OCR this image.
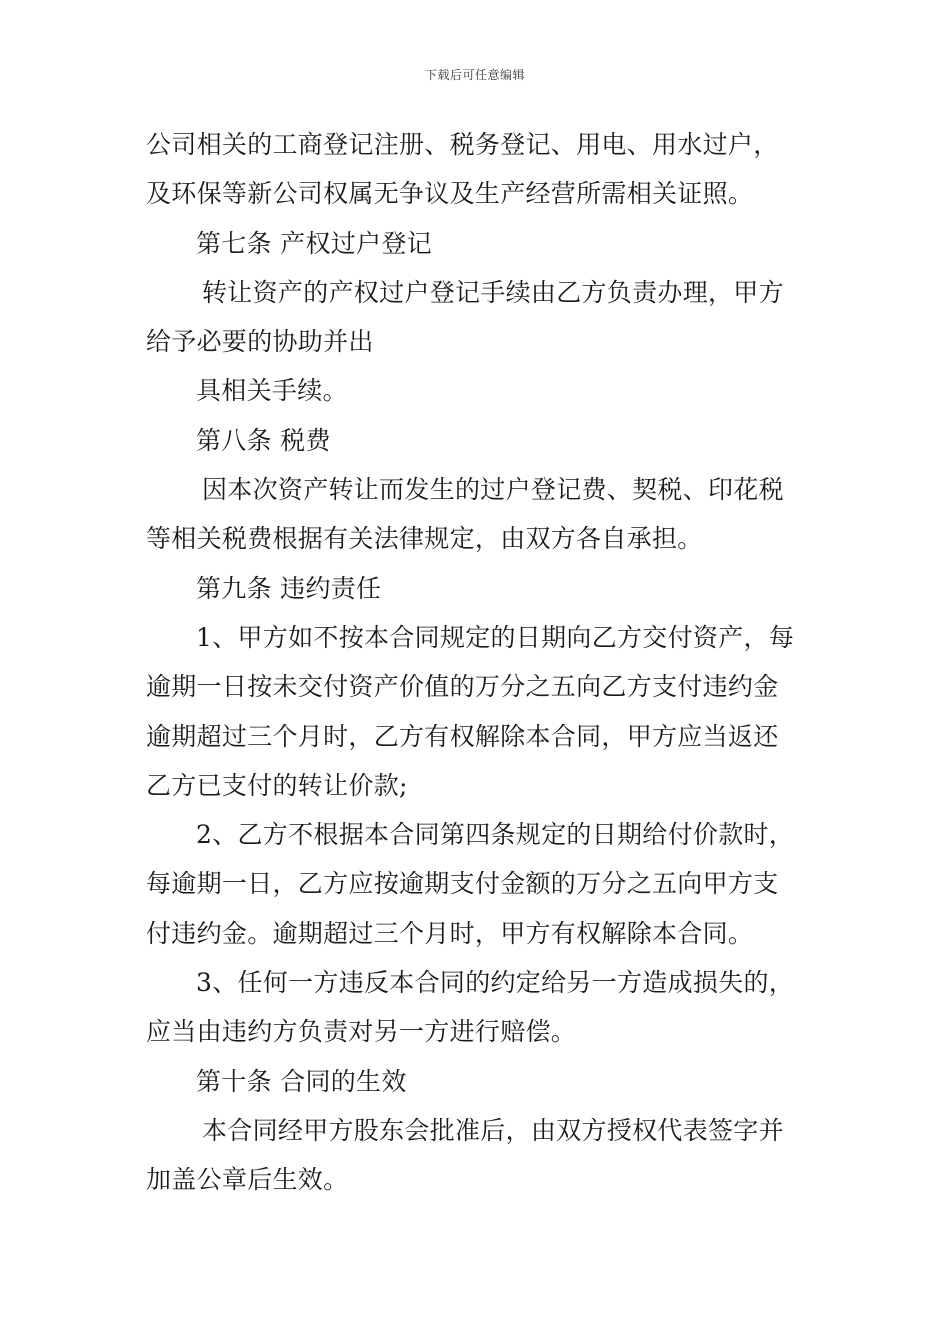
下载后可任意编辑
公司相关的工商登记注册、税务登记、用电、用水过户，
及环保等新公司权属无争议及生产经营所需相关证照。
第七条 产权过户登记
转让资产的产权过户登记手续由乙方负责办理，甲方
给予必要的协助并出
具相关手续。
第八条 税费
因本次资产转让而发生的过户登记费、契税、印花税
等相关税费根据有关法律规定，由双方各自承担。
第九条 违约责任
1、甲方如不按本合同规定的日期向乙方交付资产，每
逾期一日按未交付资产价值的万分之五向乙方支付违约金
逾期超过三个月时，乙方有权解除本合同，甲方应当返还
乙方已支付的转让价款;
2、乙方不根据本合同第四条规定的日期给付价款时，
每逾期一日，乙方应按逾期支付金额的万分之五向甲方支
付违约金。逾期超过三个月时，甲方有权解除本合同。
3、任何一方违反本合同的约定给另一方造成损失的，
应当由违约方负责对另一方进行赔偿。
第十条 合同的生效
本合同经甲方股东会批准后，由双方授权代表签字并
加盖公章后生效。
